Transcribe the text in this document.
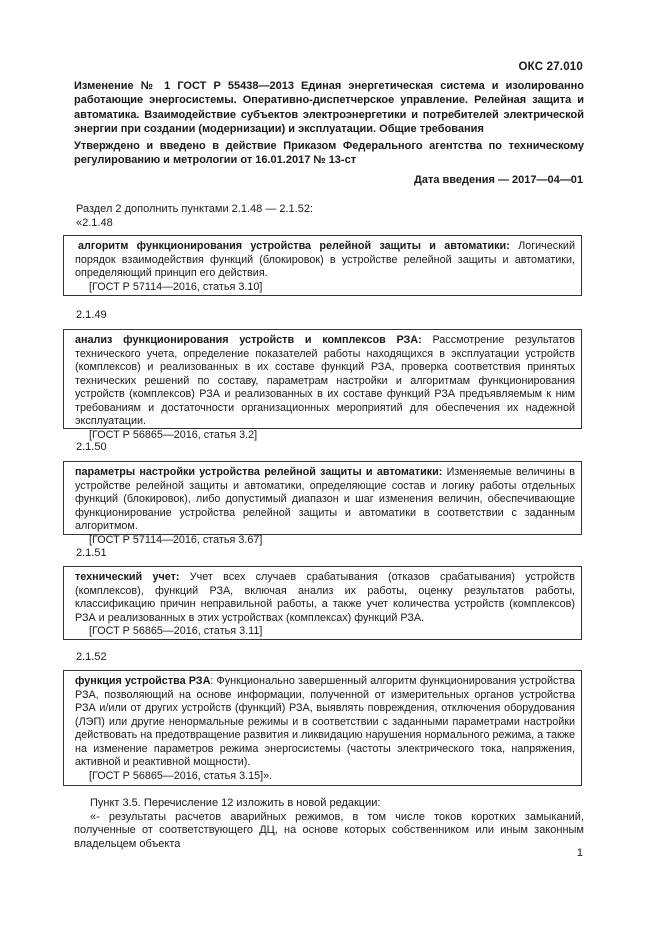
ОКС 27.010
Изменение № 1 ГОСТ Р 55438—2013 Единая энергетическая система и изолированно работающие энергосистемы. Оперативно-диспетчерское управление. Релейная защита и автоматика. Взаимодействие субъектов электроэнергетики и потребителей электрической энергии при создании (модернизации) и эксплуатации. Общие требования
Утверждено и введено в действие Приказом Федерального агентства по техническому регулированию и метрологии от 16.01.2017 № 13-ст
Дата введения — 2017—04—01
Раздел 2 дополнить пунктами 2.1.48 — 2.1.52:
«2.1.48
алгоритм функционирования устройства релейной защиты и автоматики: Логический порядок взаимодействия функций (блокировок) в устройстве релейной защиты и автоматики, определяющий принцип его действия.
[ГОСТ Р 57114—2016, статья 3.10]
2.1.49
анализ функционирования устройств и комплексов РЗА: Рассмотрение результатов технического учета, определение показателей работы находящихся в эксплуатации устройств (комплексов) и реализованных в их составе функций РЗА, проверка соответствия принятых технических решений по составу, параметрам настройки и алгоритмам функционирования устройств (комплексов) РЗА и реализованных в их составе функций РЗА предъявляемым к ним требованиям и достаточности организационных мероприятий для обеспечения их надежной эксплуатации.
[ГОСТ Р 56865—2016, статья 3.2]
2.1.50
параметры настройки устройства релейной защиты и автоматики: Изменяемые величины в устройстве релейной защиты и автоматики, определяющие состав и логику работы отдельных функций (блокировок), либо допустимый диапазон и шаг изменения величин, обеспечивающие функционирование устройства релейной защиты и автоматики в соответствии с заданным алгоритмом.
[ГОСТ Р 57114—2016, статья 3.67]
2.1.51
технический учет: Учет всех случаев срабатывания (отказов срабатывания) устройств (комплексов), функций РЗА, включая анализ их работы, оценку результатов работы, классификацию причин неправильной работы, а также учет количества устройств (комплексов) РЗА и реализованных в этих устройствах (комплексах) функций РЗА.
[ГОСТ Р 56865—2016, статья 3.11]
2.1.52
функция устройства РЗА: Функционально завершенный алгоритм функционирования устройства РЗА, позволяющий на основе информации, полученной от измерительных органов устройства РЗА и/или от других устройств (функций) РЗА, выявлять повреждения, отключения оборудования (ЛЭП) или другие ненормальные режимы и в соответствии с заданными параметрами настройки действовать на предотвращение развития и ликвидацию нарушения нормального режима, а также на изменение параметров режима энергосистемы (частоты электрического тока, напряжения, активной и реактивной мощности).
[ГОСТ Р 56865—2016, статья 3.15]».
Пункт 3.5. Перечисление 12 изложить в новой редакции:
«- результаты расчетов аварийных режимов, в том числе токов коротких замыканий, полученные от соответствующего ДЦ, на основе которых собственником или иным законным владельцем объекта
1
